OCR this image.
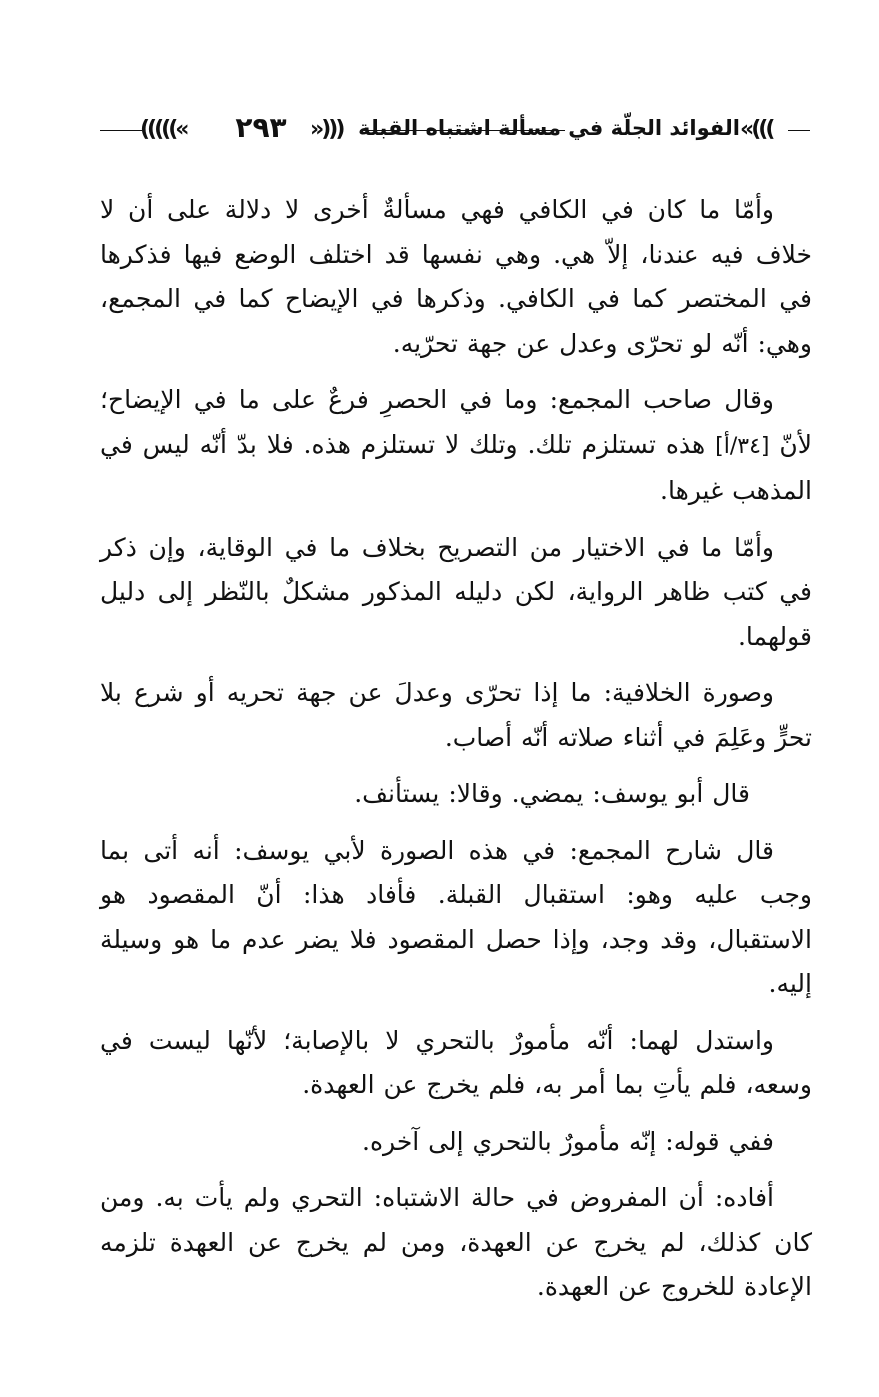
(((((«	٢٩٣	»))) الفوائد الجلّة في مسألة اشتباه القبلة «(((

وأمّا ما كان في الكافي فهي مسألةٌ أخرى لا دلالة على أن لا خلاف فيه عندنا، إلاّ هي. وهي نفسها قد اختلف الوضع فيها فذكرها في المختصر كما في الكافي. وذكرها في الإيضاح كما في المجمع، وهي: أنّه لو تحرّى وعدل عن جهة تحرّيه.

وقال صاحب المجمع: وما في الحصرِ فرعٌ على ما في الإيضاح؛ لأنّ [٣٤/أ] هذه تستلزم تلك. وتلك لا تستلزم هذه. فلا بدّ أنّه ليس في المذهب غيرها.

وأمّا ما في الاختيار من التصريح بخلاف ما في الوقاية، وإن ذكر في كتب ظاهر الرواية، لكن دليله المذكور مشكلٌ بالنّظر إلى دليل قولهما.

وصورة الخلافية: ما إذا تحرّى وعدلَ عن جهة تحريه أو شرع بلا تحرٍّ وعَلِمَ في أثناء صلاته أنّه أصاب.

قال أبو يوسف: يمضي. وقالا: يستأنف.

قال شارح المجمع: في هذه الصورة لأبي يوسف: أنه أتى بما وجب عليه وهو: استقبال القبلة. فأفاد هذا: أنّ المقصود هو الاستقبال، وقد وجد، وإذا حصل المقصود فلا يضر عدم ما هو وسيلة إليه.

واستدل لهما: أنّه مأمورٌ بالتحري لا بالإصابة؛ لأنّها ليست في وسعه، فلم يأتِ بما أمر به، فلم يخرج عن العهدة.

ففي قوله: إنّه مأمورٌ بالتحري إلى آخره.

أفاده: أن المفروض في حالة الاشتباه: التحري ولم يأت به. ومن كان كذلك، لم يخرج عن العهدة، ومن لم يخرج عن العهدة تلزمه الإعادة للخروج عن العهدة.
